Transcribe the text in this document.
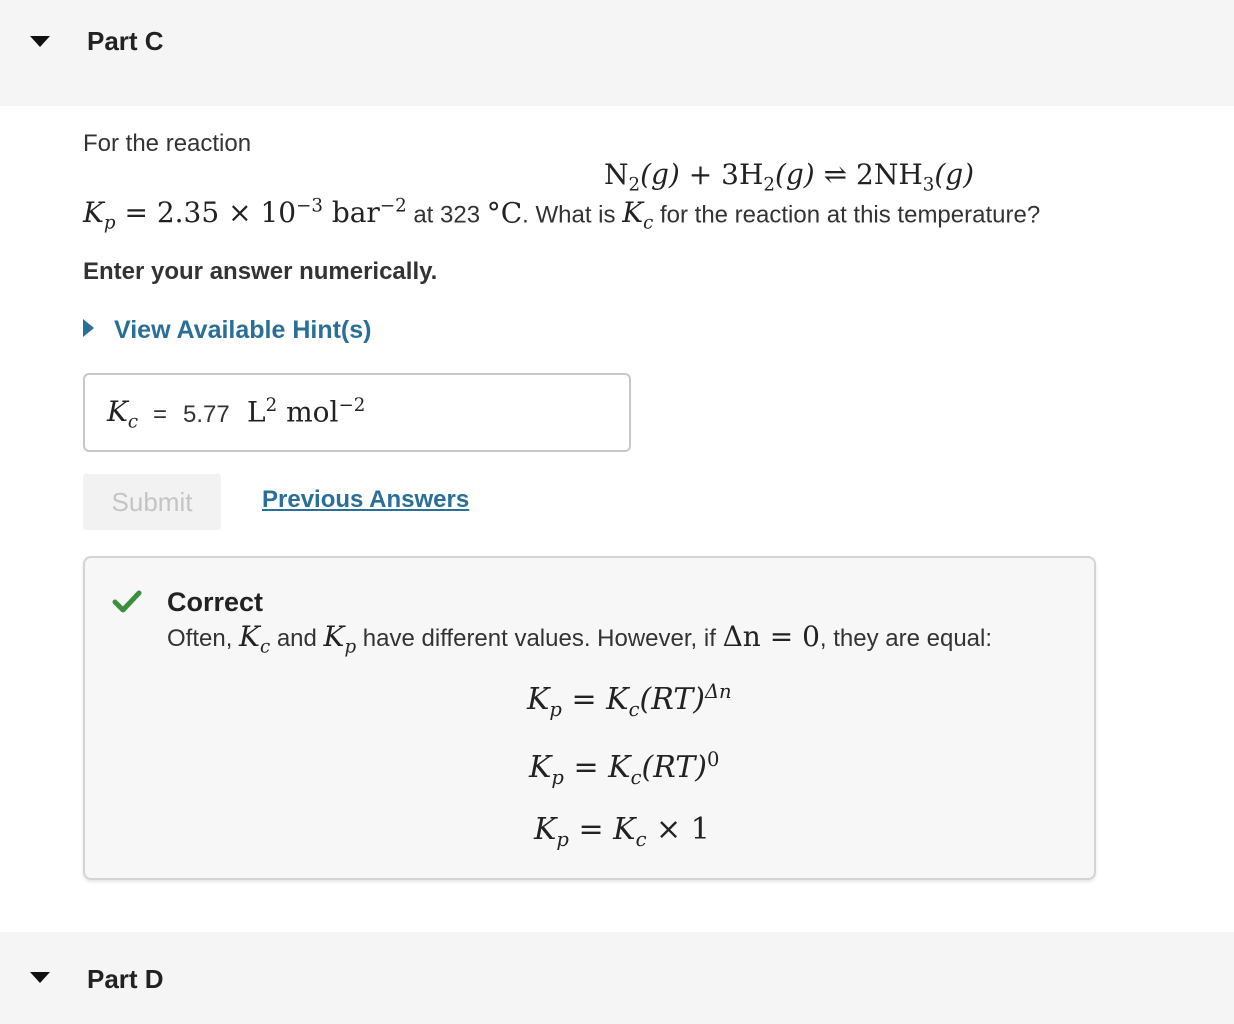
Part C
For the reaction
$N_2(g) + 3H_2(g)$ ⇌ $2NH_3(g)$
$K_p = 2.35 \times 10^{-3}$ bar$^{-2}$ at 323 °C. What is $K_c$ for the reaction at this temperature?
Enter your answer numerically.
View Available Hint(s)
$K_c = 5.77$ $L^2$ mol$^{-2}$
Submit	Previous Answers
Correct
Often, $K_c$ and $K_p$ have different values. However, if Δn = 0, they are equal:
$K_p = K_c(RT)^{\Delta n}$
$K_p = K_c(RT)^0$
$K_p = K_c \times 1$
Part D
